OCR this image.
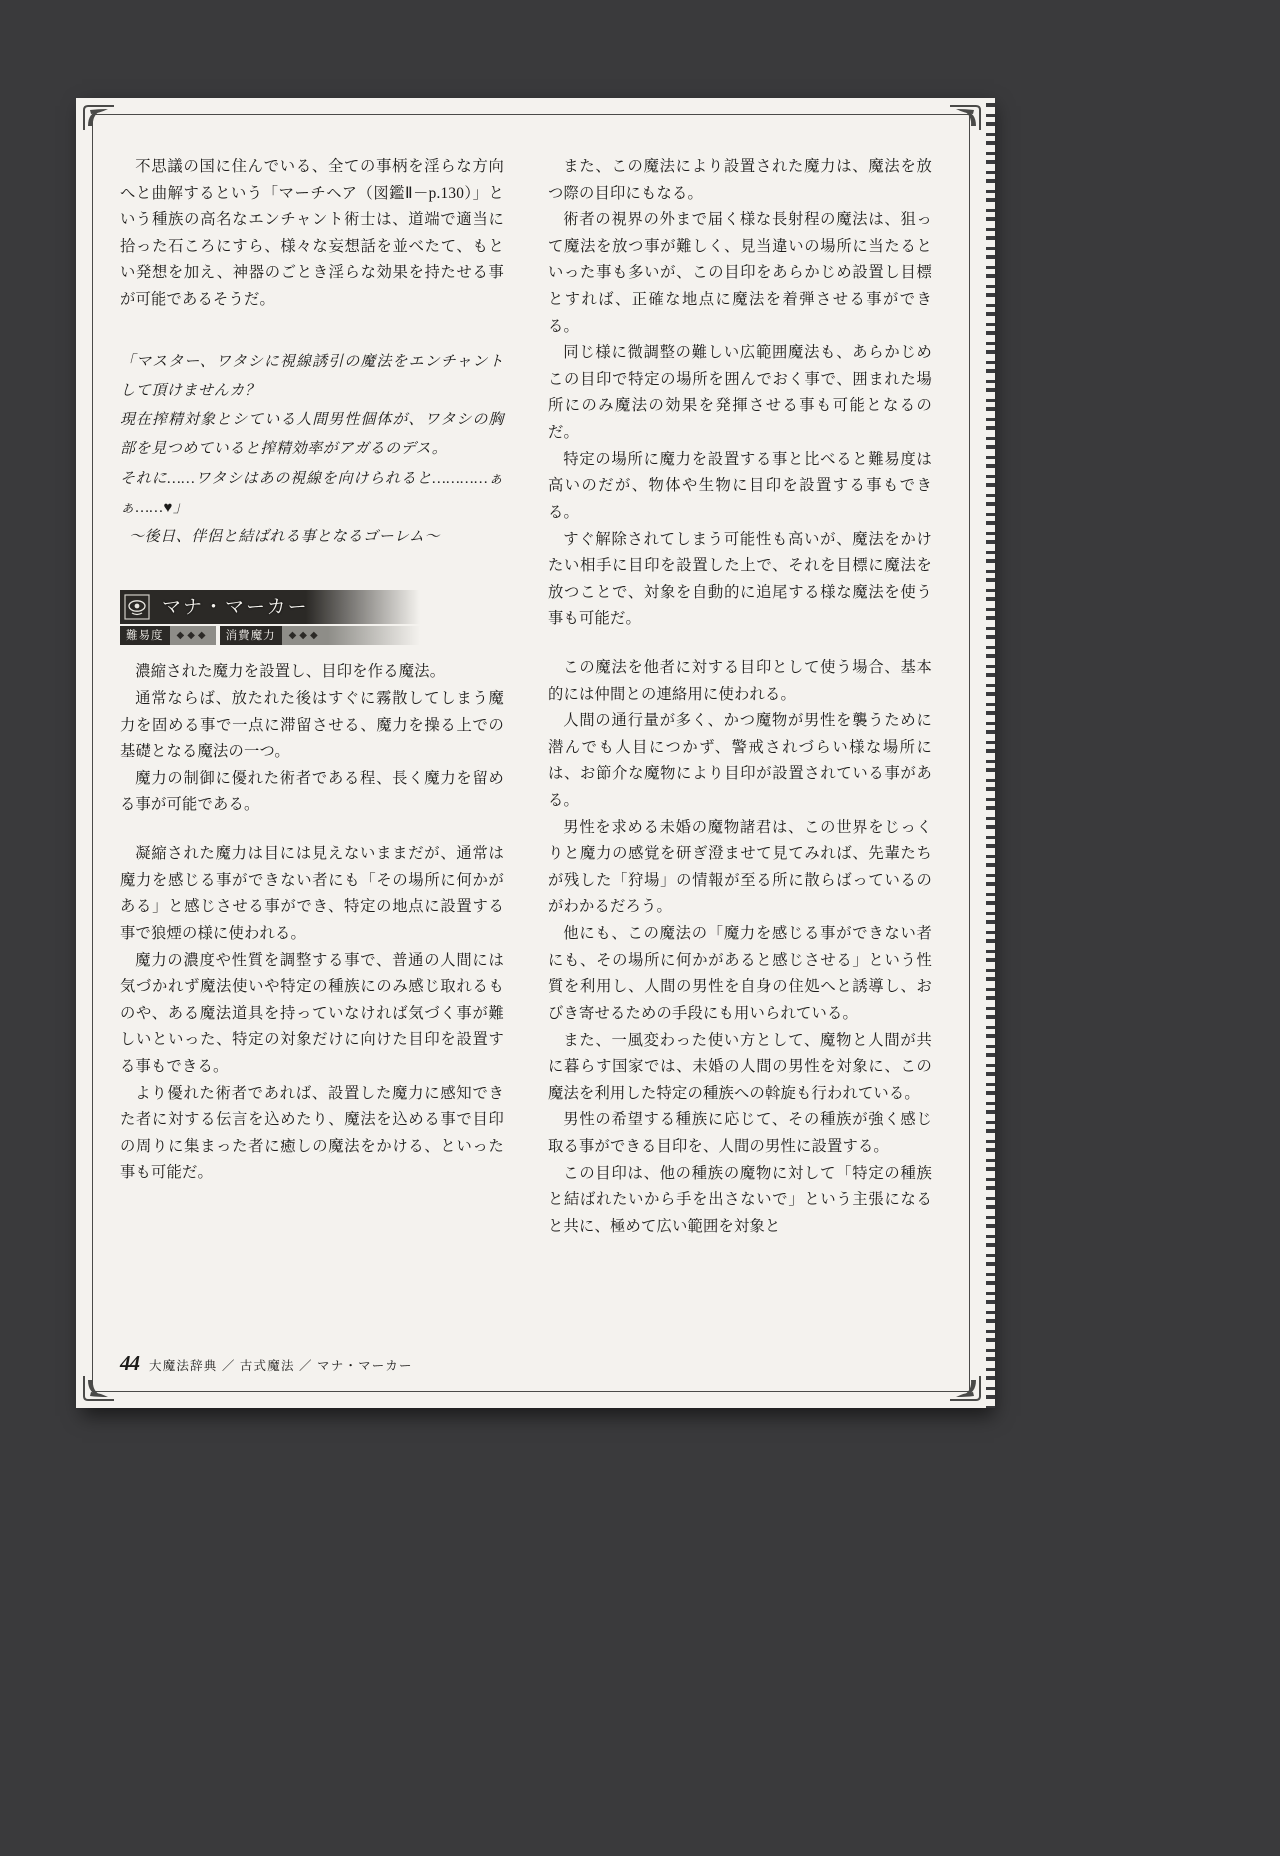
不思議の国に住んでいる、全ての事柄を淫らな方向へと曲解するという「マーチヘア（図鑑Ⅱ－p.130）」という種族の高名なエンチャント術士は、道端で適当に拾った石ころにすら、様々な妄想話を並べたて、もとい発想を加え、神器のごとき淫らな効果を持たせる事が可能であるそうだ。

「マスター、ワタシに視線誘引の魔法をエンチャントして頂けませんカ？

現在搾精対象とシている人間男性個体が、ワタシの胸部を見つめていると搾精効率がアガるのデス。

それに……ワタシはあの視線を向けられると…………ぁぁ……♥」

～後日、伴侶と結ばれる事となるゴーレム～

マナ・マーカー
難易度	◆◆◆	消費魔力	◆◆◆

濃縮された魔力を設置し、目印を作る魔法。

通常ならば、放たれた後はすぐに霧散してしまう魔力を固める事で一点に滞留させる、魔力を操る上での基礎となる魔法の一つ。

魔力の制御に優れた術者である程、長く魔力を留める事が可能である。

凝縮された魔力は目には見えないままだが、通常は魔力を感じる事ができない者にも「その場所に何かがある」と感じさせる事ができ、特定の地点に設置する事で狼煙の様に使われる。

魔力の濃度や性質を調整する事で、普通の人間には気づかれず魔法使いや特定の種族にのみ感じ取れるものや、ある魔法道具を持っていなければ気づく事が難しいといった、特定の対象だけに向けた目印を設置する事もできる。

より優れた術者であれば、設置した魔力に感知できた者に対する伝言を込めたり、魔法を込める事で目印の周りに集まった者に癒しの魔法をかける、といった事も可能だ。

また、この魔法により設置された魔力は、魔法を放つ際の目印にもなる。

術者の視界の外まで届く様な長射程の魔法は、狙って魔法を放つ事が難しく、見当違いの場所に当たるといった事も多いが、この目印をあらかじめ設置し目標とすれば、正確な地点に魔法を着弾させる事ができる。

同じ様に微調整の難しい広範囲魔法も、あらかじめこの目印で特定の場所を囲んでおく事で、囲まれた場所にのみ魔法の効果を発揮させる事も可能となるのだ。

特定の場所に魔力を設置する事と比べると難易度は高いのだが、物体や生物に目印を設置する事もできる。

すぐ解除されてしまう可能性も高いが、魔法をかけたい相手に目印を設置した上で、それを目標に魔法を放つことで、対象を自動的に追尾する様な魔法を使う事も可能だ。

この魔法を他者に対する目印として使う場合、基本的には仲間との連絡用に使われる。

人間の通行量が多く、かつ魔物が男性を襲うために潜んでも人目につかず、警戒されづらい様な場所には、お節介な魔物により目印が設置されている事がある。

男性を求める未婚の魔物諸君は、この世界をじっくりと魔力の感覚を研ぎ澄ませて見てみれば、先輩たちが残した「狩場」の情報が至る所に散らばっているのがわかるだろう。

他にも、この魔法の「魔力を感じる事ができない者にも、その場所に何かがあると感じさせる」という性質を利用し、人間の男性を自身の住処へと誘導し、おびき寄せるための手段にも用いられている。

また、一風変わった使い方として、魔物と人間が共に暮らす国家では、未婚の人間の男性を対象に、この魔法を利用した特定の種族への斡旋も行われている。

男性の希望する種族に応じて、その種族が強く感じ取る事ができる目印を、人間の男性に設置する。

この目印は、他の種族の魔物に対して「特定の種族と結ばれたいから手を出さないで」という主張になると共に、極めて広い範囲を対象と

44 大魔法辞典 ／ 古式魔法 ／ マナ・マーカー
